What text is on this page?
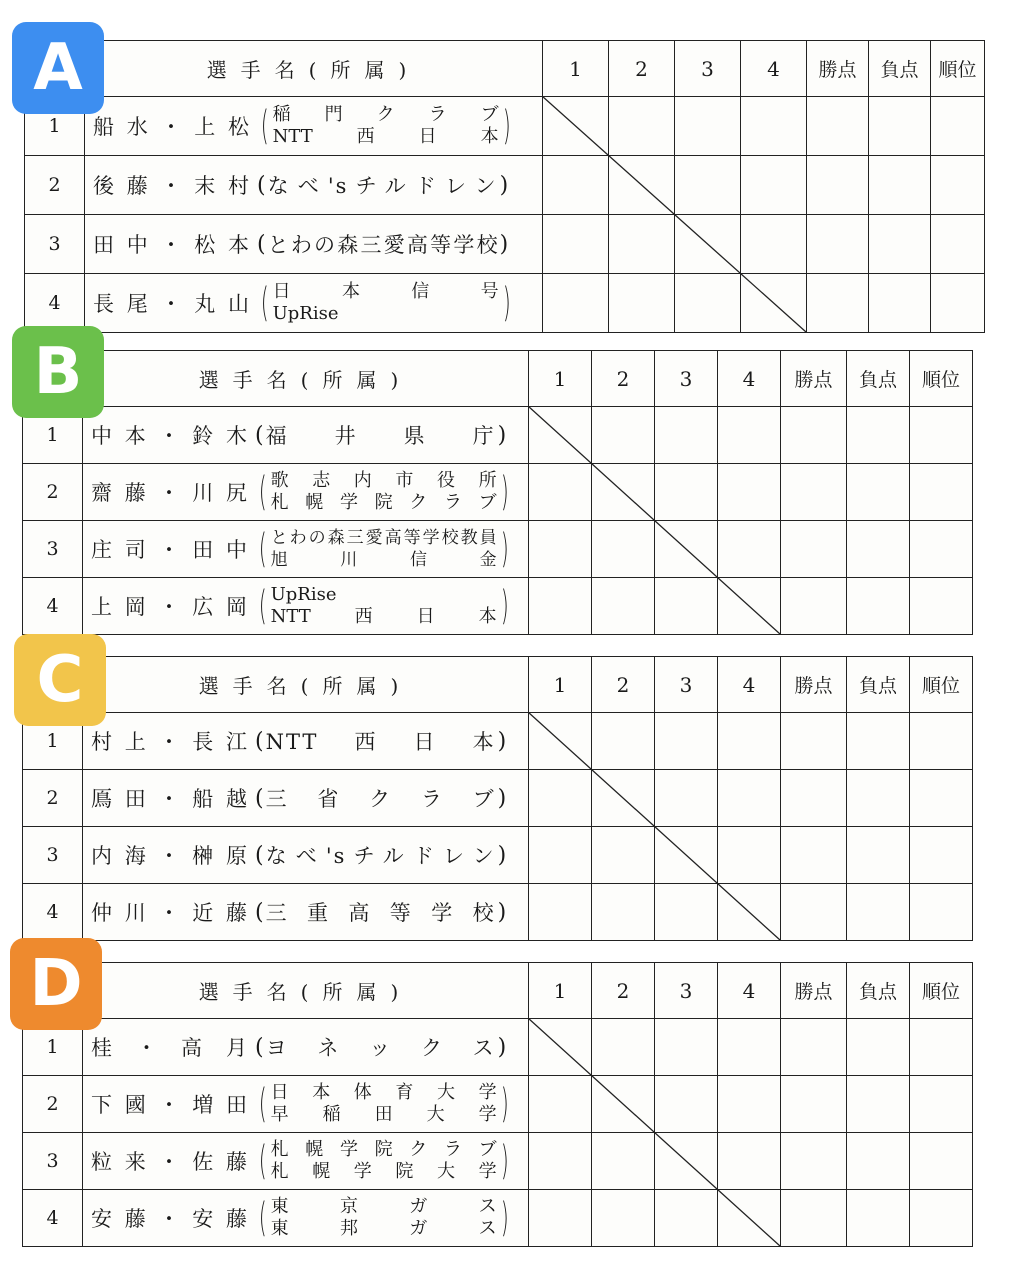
A
		選手名(所属)	1	2	3	4	勝点	負点	順位
1	船水・上松 ( 稲門クラブ
NTT西日本 )							

2	後藤・末村 ( なべ'sチルドレン )							

3	田中・松本 ( とわの森三愛高等学校 )							

4	長尾・丸山 ( 日本信号
UpRise )							

B
		選手名(所属)	1	2	3	4	勝点	負点	順位
1	中本・鈴木 ( 福井県庁 )							

2	齋藤・川尻 ( 歌志内市役所
札幌学院クラブ )							

3	庄司・田中 ( とわの森三愛高等学校教員
旭川信金 )							

4	上岡・広岡 ( UpRise
NTT西日本 )							

C
		選手名(所属)	1	2	3	4	勝点	負点	順位
1	村上・長江 ( NTT西日本 )							

2	鳫田・船越 ( 三省クラブ )							

3	内海・榊原 ( なべ'sチルドレン )							

4	仲川・近藤 ( 三重高等学校 )							

D
		選手名(所属)	1	2	3	4	勝点	負点	順位
1	桂・高月 ( ヨネックス )							

2	下國・増田 ( 日本体育大学
早稲田大学 )							

3	粒来・佐藤 ( 札幌学院クラブ
札幌学院大学 )							

4	安藤・安藤 ( 東京ガス
東邦ガス )							
